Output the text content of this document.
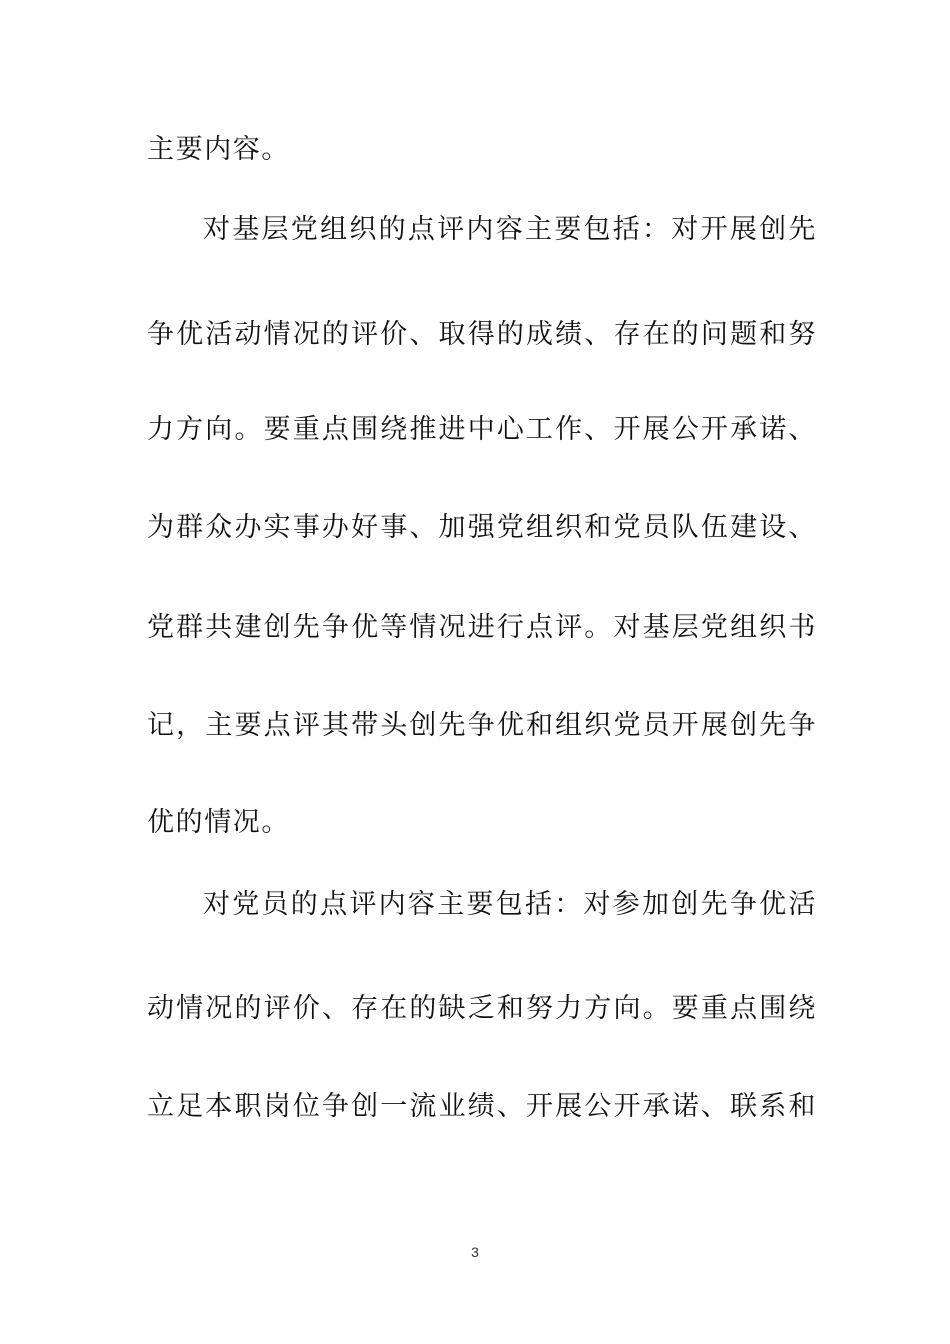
主要内容。
对基层党组织的点评内容主要包括：对开展创先
争优活动情况的评价、取得的成绩、存在的问题和努
力方向。要重点围绕推进中心工作、开展公开承诺、
为群众办实事办好事、加强党组织和党员队伍建设、
党群共建创先争优等情况进行点评。对基层党组织书
记，主要点评其带头创先争优和组织党员开展创先争
优的情况。
对党员的点评内容主要包括：对参加创先争优活
动情况的评价、存在的缺乏和努力方向。要重点围绕
立足本职岗位争创一流业绩、开展公开承诺、联系和
3
